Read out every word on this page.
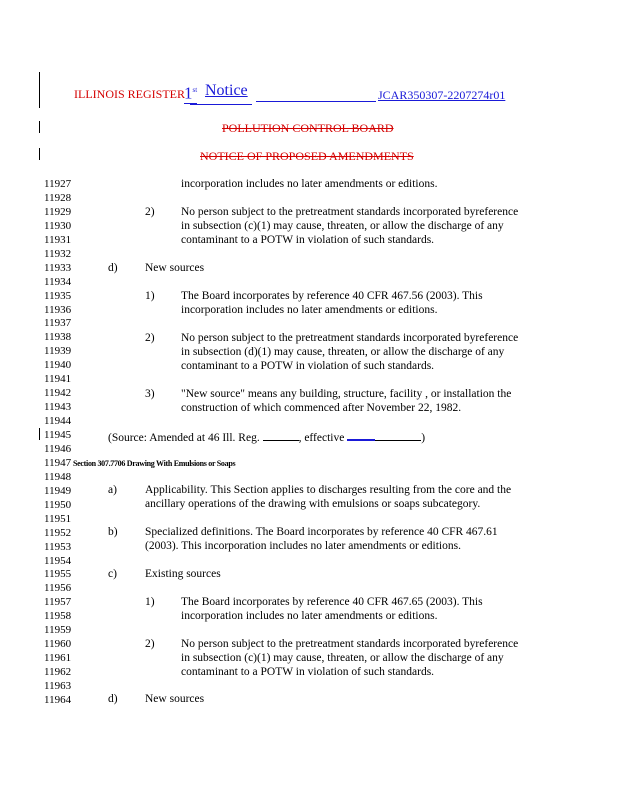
ILLINOIS REGISTER 1st Notice	JCAR350307-2207274r01
POLLUTION CONTROL BOARD
NOTICE OF PROPOSED AMENDMENTS
11927
11928
11929
11930
11931
11932
11933
11934
11935
11936
11937
11938
11939
11940
11941
11942
11943
11944
11945
11946
11947
11948
11949
11950
11951
11952
11953
11954
11955
11956
11957
11958
11959
11960
11961
11962
11963
11964
incorporation includes no later amendments or editions.
2) No person subject to the pretreatment standards incorporated byreference
in subsection (c)(1) may cause, threaten, or allow the discharge of any
contaminant to a POTW in violation of such standards.
d) New sources
1) The Board incorporates by reference 40 CFR 467.56 (2003). This
incorporation includes no later amendments or editions.
2) No person subject to the pretreatment standards incorporated byreference
in subsection (d)(1) may cause, threaten, or allow the discharge of any
contaminant to a POTW in violation of such standards.
3) "New source" means any building, structure, facility , or installation the
construction of which commenced after November 22, 1982.
(Source: Amended at 46 Ill. Reg.	, effective	)
Section 307.7706 Drawing With Emulsions or Soaps
a) Applicability. This Section applies to discharges resulting from the core and the
ancillary operations of the drawing with emulsions or soaps subcategory.
b) Specialized definitions. The Board incorporates by reference 40 CFR 467.61
(2003). This incorporation includes no later amendments or editions.
c) Existing sources
1) The Board incorporates by reference 40 CFR 467.65 (2003). This
incorporation includes no later amendments or editions.
2) No person subject to the pretreatment standards incorporated byreference
in subsection (c)(1) may cause, threaten, or allow the discharge of any
contaminant to a POTW in violation of such standards.
d) New sources
